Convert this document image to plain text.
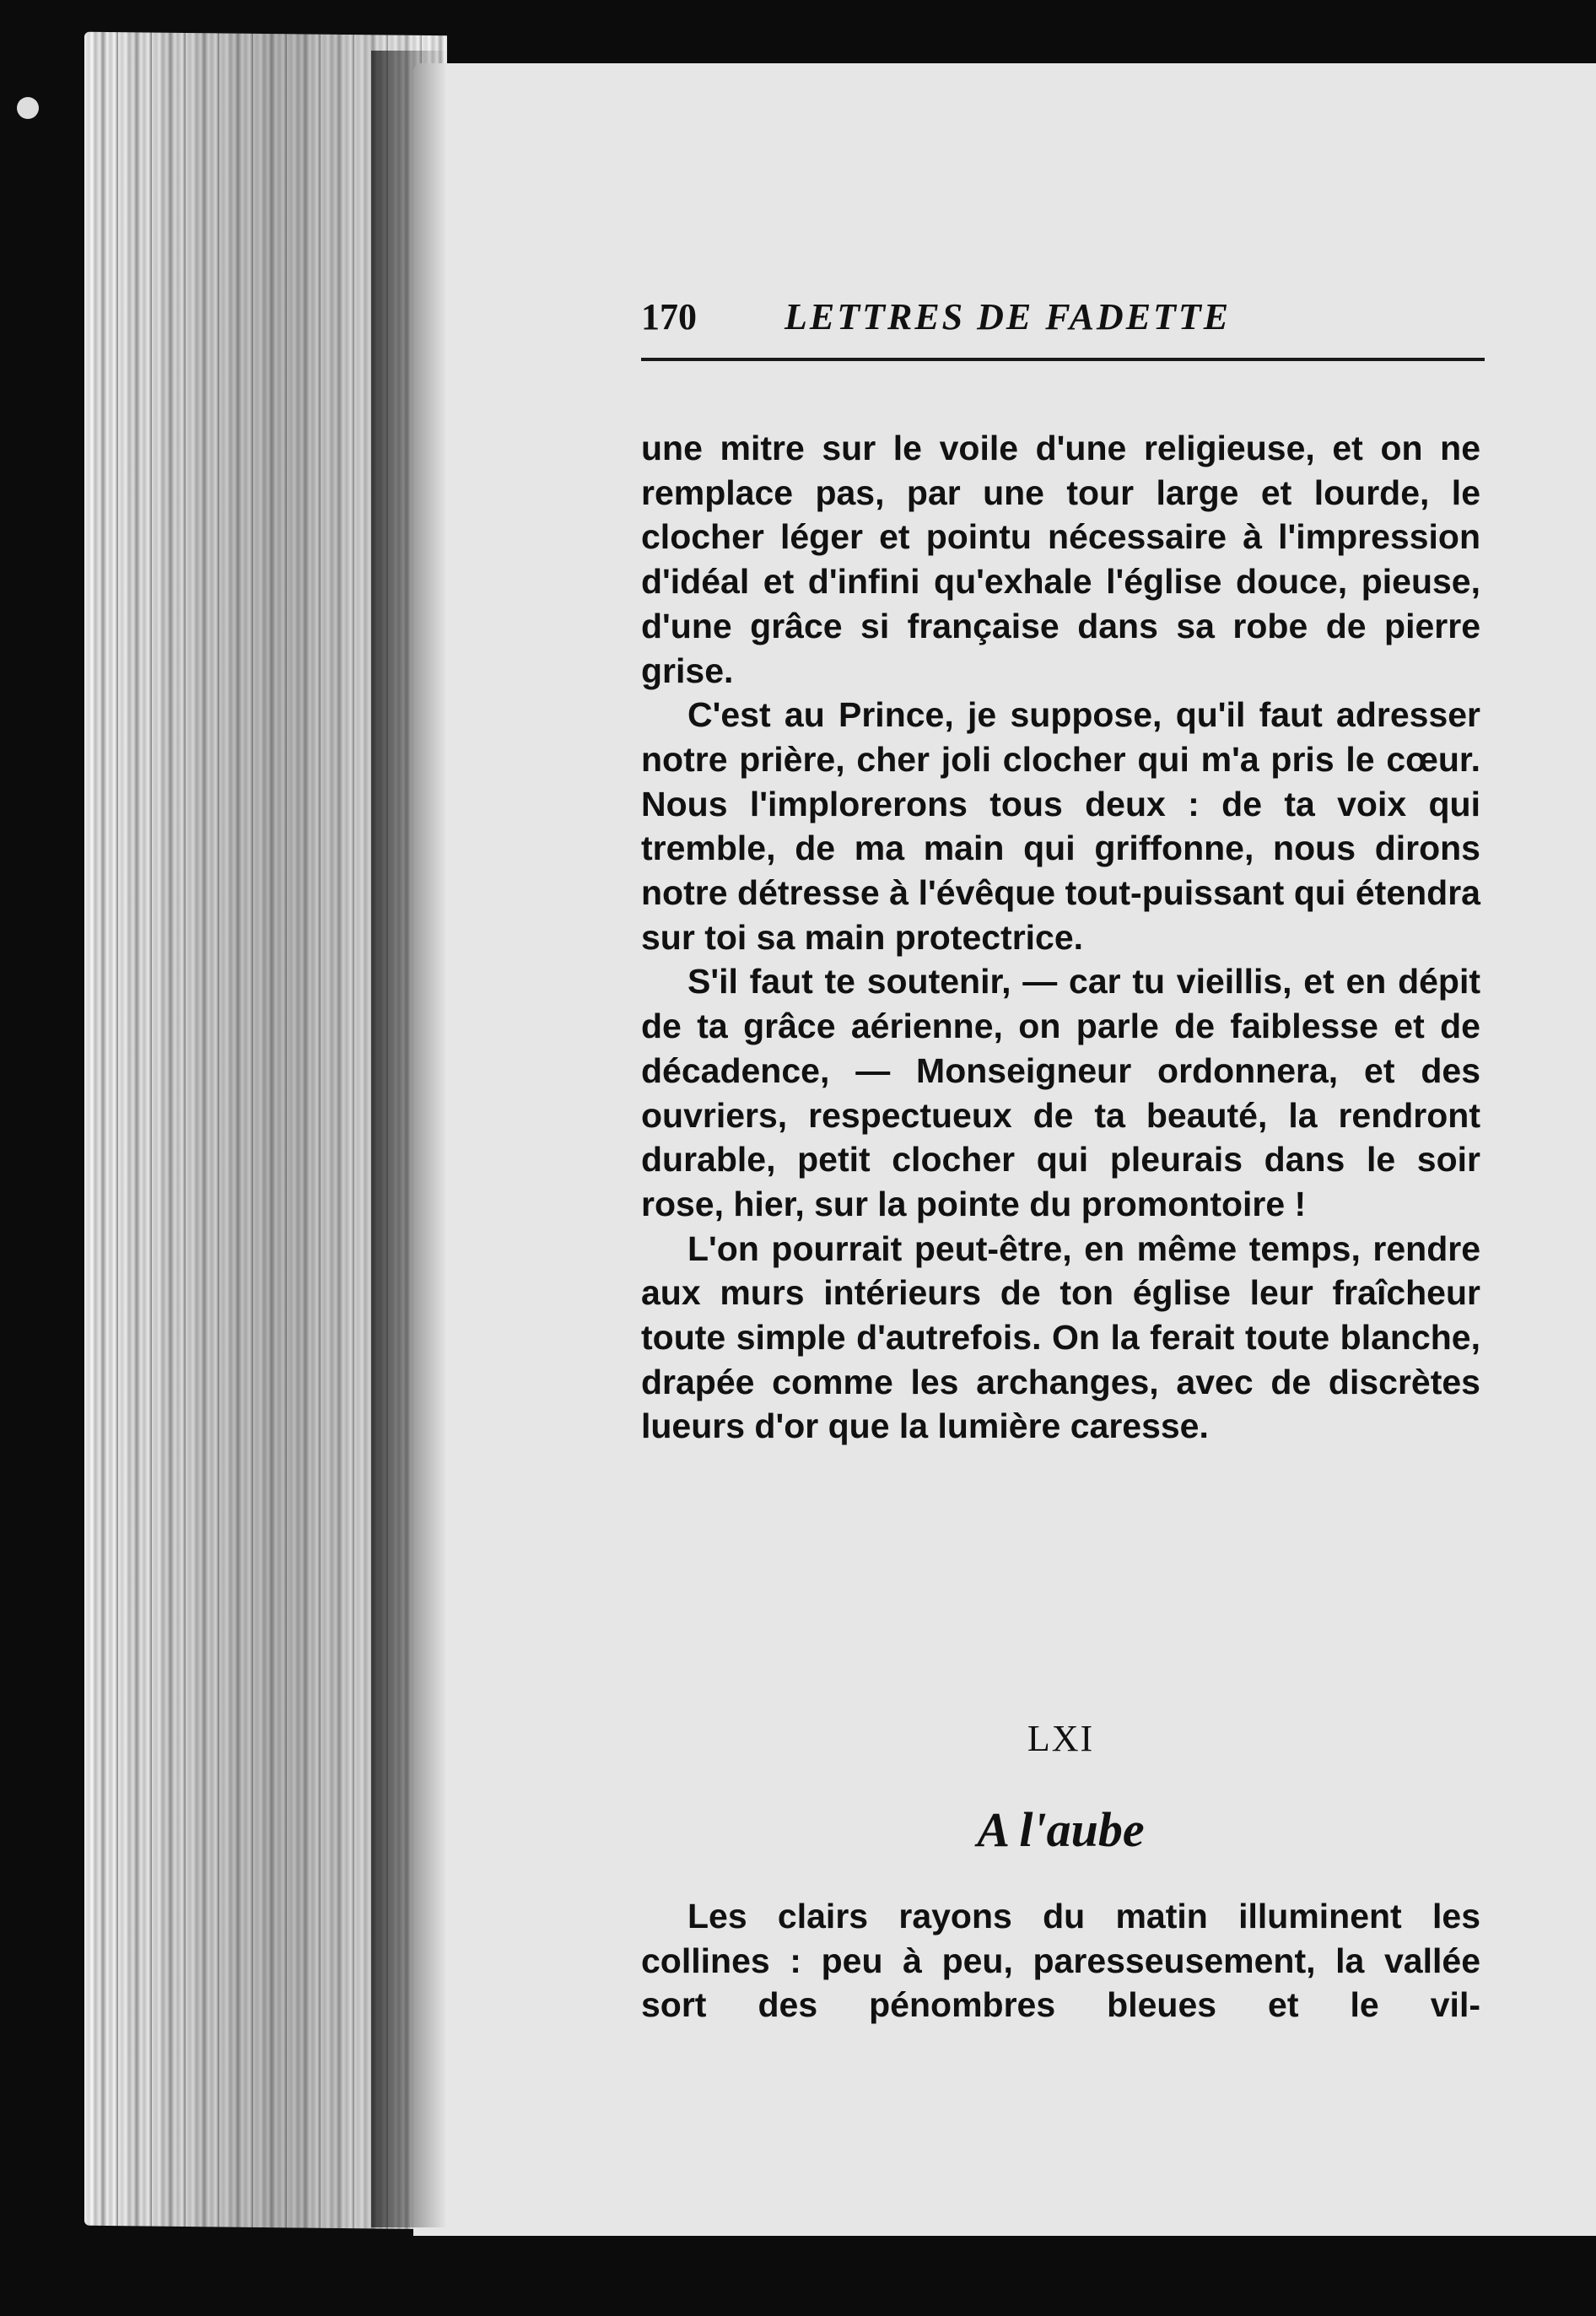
170	LETTRES DE FADETTE

une mitre sur le voile d'une religieuse, et on ne remplace pas, par une tour large et lourde, le clocher léger et pointu nécessaire à l'impression d'idéal et d'infini qu'exhale l'église douce, pieuse, d'une grâce si française dans sa robe de pierre grise.

C'est au Prince, je suppose, qu'il faut adresser notre prière, cher joli clocher qui m'a pris le cœur. Nous l'implorerons tous deux : de ta voix qui tremble, de ma main qui griffonne, nous dirons notre détresse à l'évêque tout-puissant qui étendra sur toi sa main protectrice.

S'il faut te soutenir, — car tu vieillis, et en dépit de ta grâce aérienne, on parle de faiblesse et de décadence, — Monseigneur ordonnera, et des ouvriers, respectueux de ta beauté, la rendront durable, petit clocher qui pleurais dans le soir rose, hier, sur la pointe du promontoire !

L'on pourrait peut-être, en même temps, rendre aux murs intérieurs de ton église leur fraîcheur toute simple d'autrefois. On la ferait toute blanche, drapée comme les archanges, avec de discrètes lueurs d'or que la lumière caresse.

LXI
A l'aube

Les clairs rayons du matin illuminent les collines : peu à peu, paresseusement, la vallée sort des pénombres bleues et le vil-
